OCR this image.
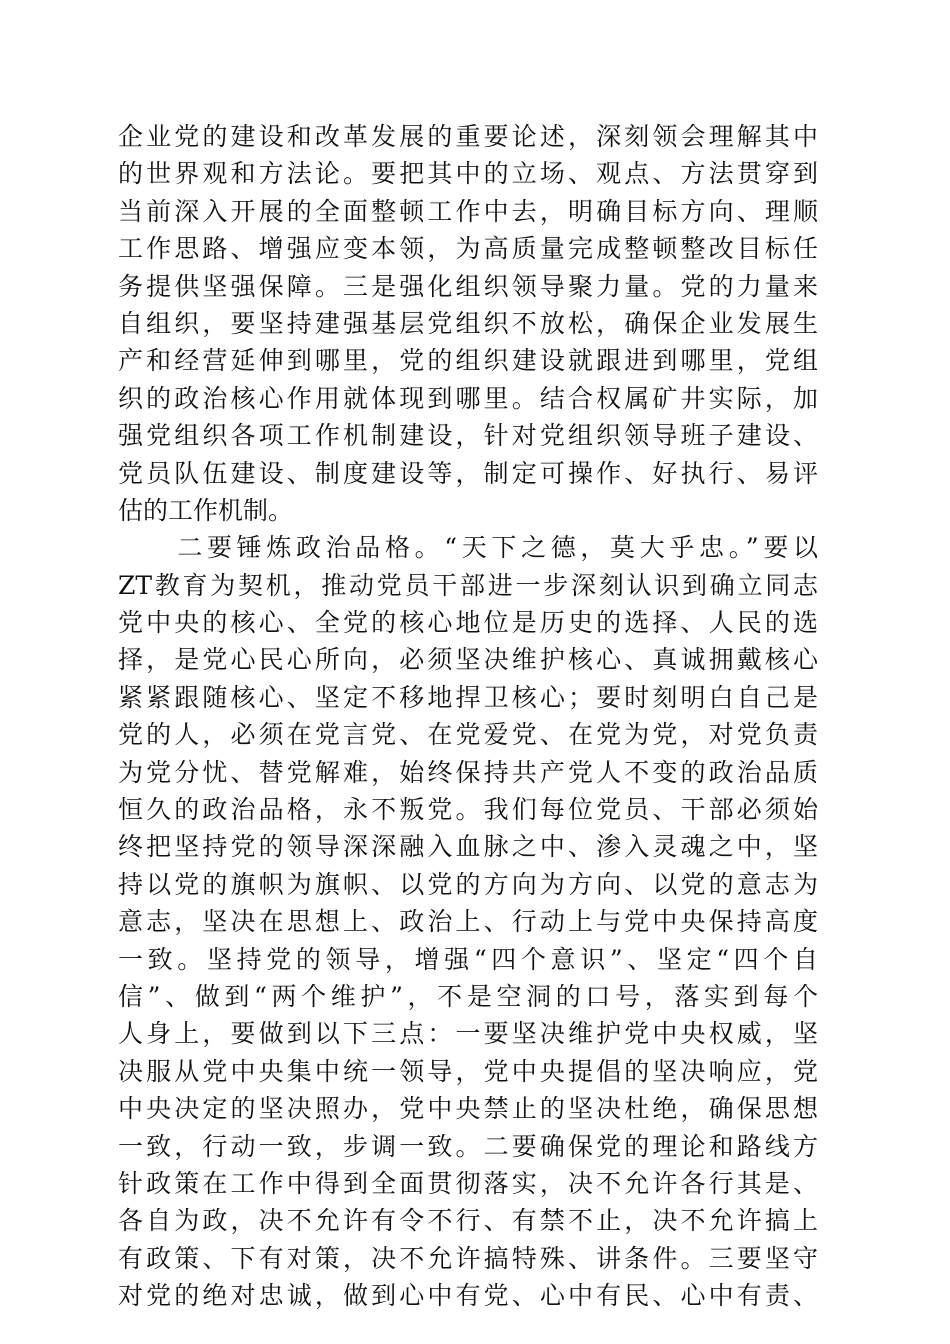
企业党的建设和改革发展的重要论述，深刻领会理解其中
的世界观和方法论。要把其中的立场、观点、方法贯穿到
当前深入开展的全面整顿工作中去，明确目标方向、理顺
工作思路、增强应变本领，为高质量完成整顿整改目标任
务提供坚强保障。三是强化组织领导聚力量。党的力量来
自组织，要坚持建强基层党组织不放松，确保企业发展生
产和经营延伸到哪里，党的组织建设就跟进到哪里，党组
织的政治核心作用就体现到哪里。结合权属矿井实际，加
强党组织各项工作机制建设，针对党组织领导班子建设、
党员队伍建设、制度建设等，制定可操作、好执行、易评
估的工作机制。
　　二要锤炼政治品格。“天下之德，莫大乎忠。”要以
ZT教育为契机，推动党员干部进一步深刻认识到确立同志
党中央的核心、全党的核心地位是历史的选择、人民的选
择，是党心民心所向，必须坚决维护核心、真诚拥戴核心
紧紧跟随核心、坚定不移地捍卫核心；要时刻明白自己是
党的人，必须在党言党、在党爱党、在党为党，对党负责
为党分忧、替党解难，始终保持共产党人不变的政治品质
恒久的政治品格，永不叛党。我们每位党员、干部必须始
终把坚持党的领导深深融入血脉之中、渗入灵魂之中，坚
持以党的旗帜为旗帜、以党的方向为方向、以党的意志为
意志，坚决在思想上、政治上、行动上与党中央保持高度
一致。坚持党的领导，增强“四个意识”、坚定“四个自
信”、做到“两个维护”，不是空洞的口号，落实到每个
人身上，要做到以下三点：一要坚决维护党中央权威，坚
决服从党中央集中统一领导，党中央提倡的坚决响应，党
中央决定的坚决照办，党中央禁止的坚决杜绝，确保思想
一致，行动一致，步调一致。二要确保党的理论和路线方
针政策在工作中得到全面贯彻落实，决不允许各行其是、
各自为政，决不允许有令不行、有禁不止，决不允许搞上
有政策、下有对策，决不允许搞特殊、讲条件。三要坚守
对党的绝对忠诚，做到心中有党、心中有民、心中有责、
